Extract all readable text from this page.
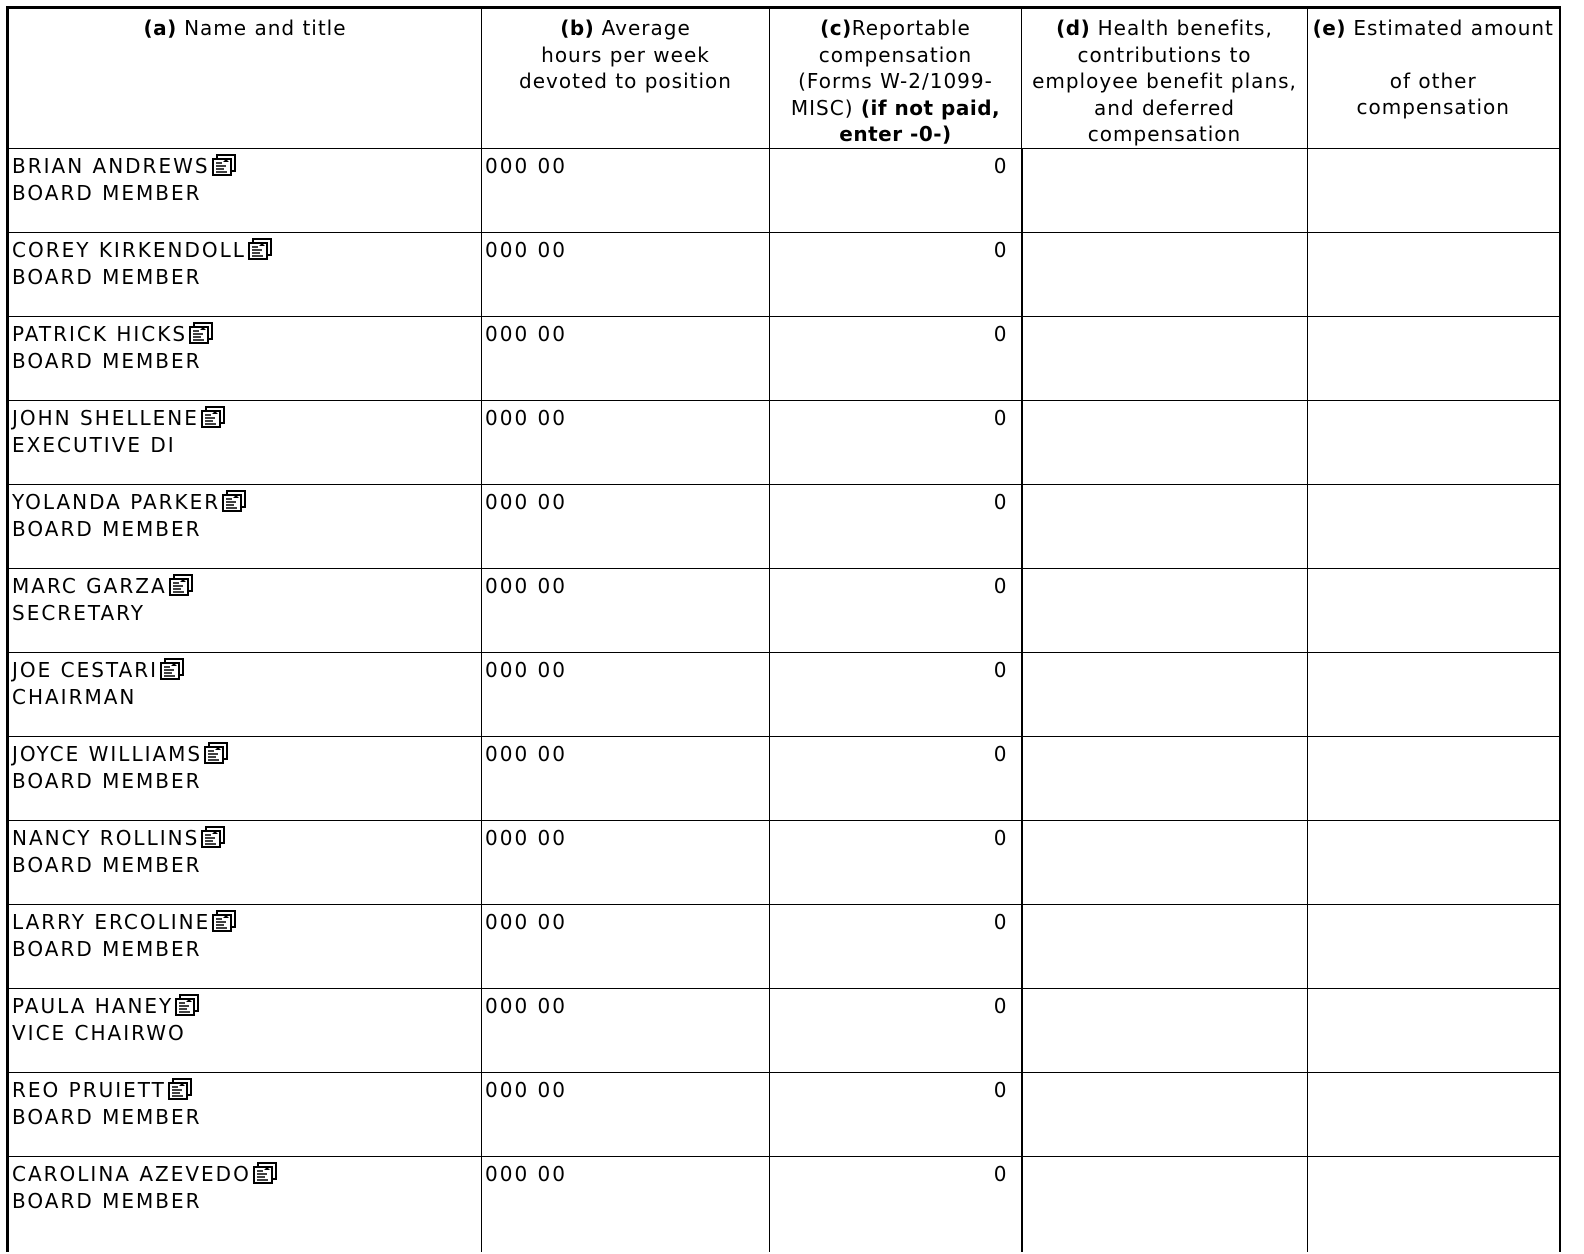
(a) Name and title	(b) Average
hours per week
devoted to position	(c)Reportable
compensation
(Forms W-2/1099-
MISC) (if not paid,
enter -0-)	(d) Health benefits,
contributions to
employee benefit plans,
and deferred
compensation	(e) Estimated amount
of other
compensation

BRIAN ANDREWS
BOARD MEMBER	000 00	0		

COREY KIRKENDOLL
BOARD MEMBER	000 00	0		

PATRICK HICKS
BOARD MEMBER	000 00	0		

JOHN SHELLENE
EXECUTIVE DI	000 00	0		

YOLANDA PARKER
BOARD MEMBER	000 00	0		

MARC GARZA
SECRETARY	000 00	0		

JOE CESTARI
CHAIRMAN	000 00	0		

JOYCE WILLIAMS
BOARD MEMBER	000 00	0		

NANCY ROLLINS
BOARD MEMBER	000 00	0		

LARRY ERCOLINE
BOARD MEMBER	000 00	0		

PAULA HANEY
VICE CHAIRWO	000 00	0		

REO PRUIETT
BOARD MEMBER	000 00	0		

CAROLINA AZEVEDO
BOARD MEMBER	000 00	0		
